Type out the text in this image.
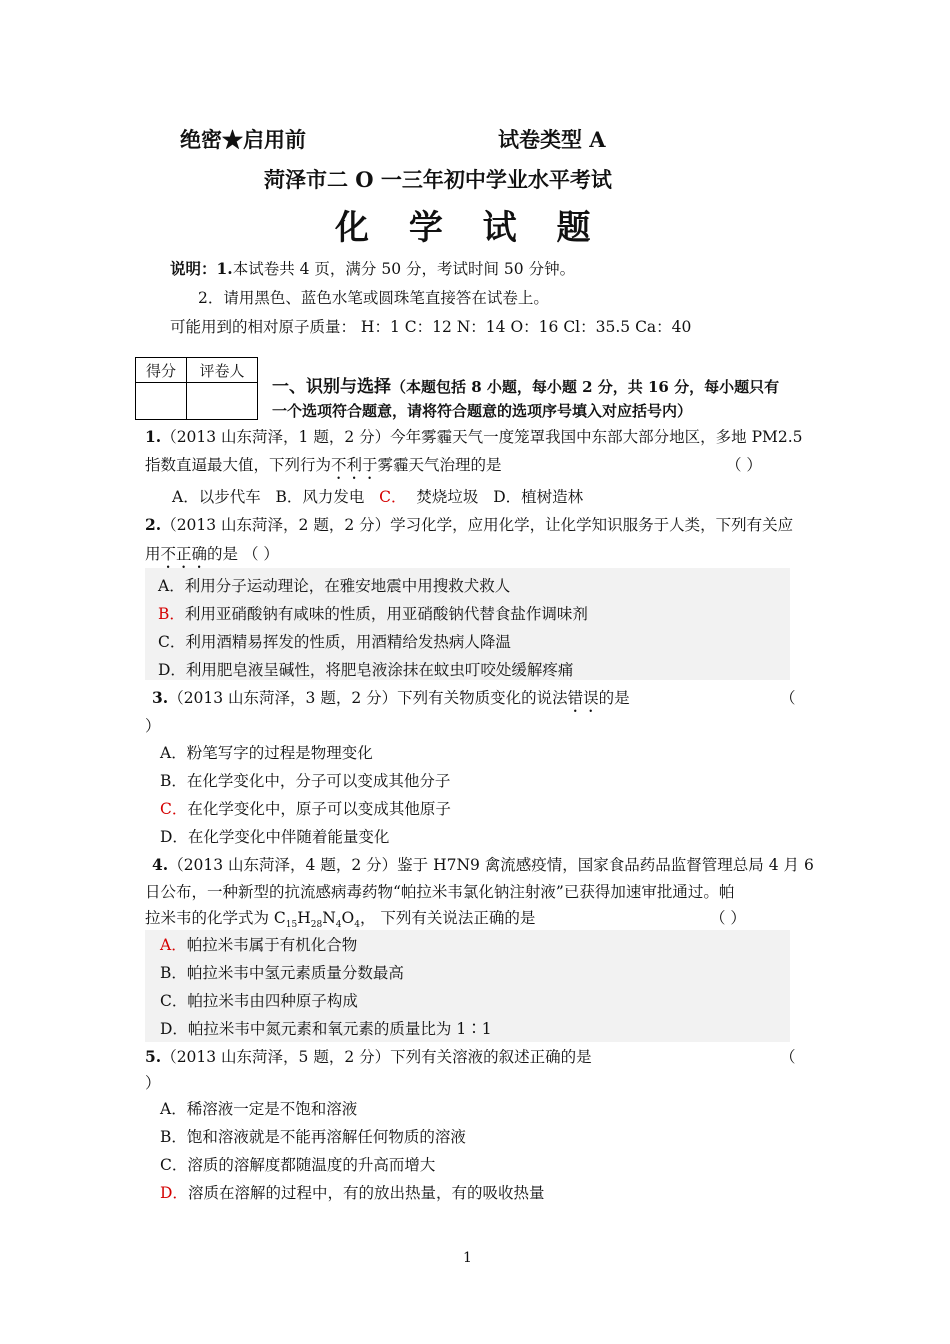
绝密★启用前	试卷类型 A
菏泽市二 O 一三年初中学业水平考试
化 学 试 题
说明：1.本试卷共 4 页，满分 50 分，考试时间 50 分钟。
2．请用黑色、蓝色水笔或圆珠笔直接答在试卷上。
可能用到的相对原子质量： H：1 C：12 N：14 O：16 Cl：35.5 Ca：40
得分	评卷人

一、识别与选择（本题包括 8 小题，每小题 2 分，共 16 分，每小题只有
一个选项符合题意，请将符合题意的选项序号填入对应括号内）
1.（2013 山东菏泽，1 题，2 分）今年雾霾天气一度笼罩我国中东部大部分地区，多地 PM2.5
指数直逼最大值，下列行为不利于雾霾天气治理的是	（ ）
A．以步代车 B．风力发电 C． 焚烧垃圾 D．植树造林
2.（2013 山东菏泽，2 题，2 分）学习化学，应用化学，让化学知识服务于人类，下列有关应
用不正确的是 （ ）
A．利用分子运动理论，在雅安地震中用搜救犬救人
B．利用亚硝酸钠有咸味的性质，用亚硝酸钠代替食盐作调味剂
C．利用酒精易挥发的性质，用酒精给发热病人降温
D．利用肥皂液呈碱性，将肥皂液涂抹在蚊虫叮咬处缓解疼痛
3.（2013 山东菏泽，3 题，2 分）下列有关物质变化的说法错误的是	（
）
A．粉笔写字的过程是物理变化
B．在化学变化中，分子可以变成其他分子
C．在化学变化中，原子可以变成其他原子
D．在化学变化中伴随着能量变化
4.（2013 山东菏泽，4 题，2 分）鉴于 H7N9 禽流感疫情，国家食品药品监督管理总局 4 月 6
日公布，一种新型的抗流感病毒药物“帕拉米韦氯化钠注射液”已获得加速审批通过。帕
拉米韦的化学式为 $C_{15}H_{28}N_4O_4$， 下列有关说法正确的是	（ ）
A．帕拉米韦属于有机化合物
B．帕拉米韦中氢元素质量分数最高
C．帕拉米韦由四种原子构成
D．帕拉米韦中氮元素和氧元素的质量比为 1∶1
5.（2013 山东菏泽，5 题，2 分）下列有关溶液的叙述正确的是	（
）
A．稀溶液一定是不饱和溶液
B．饱和溶液就是不能再溶解任何物质的溶液
C．溶质的溶解度都随温度的升高而增大
D．溶质在溶解的过程中，有的放出热量，有的吸收热量
1
